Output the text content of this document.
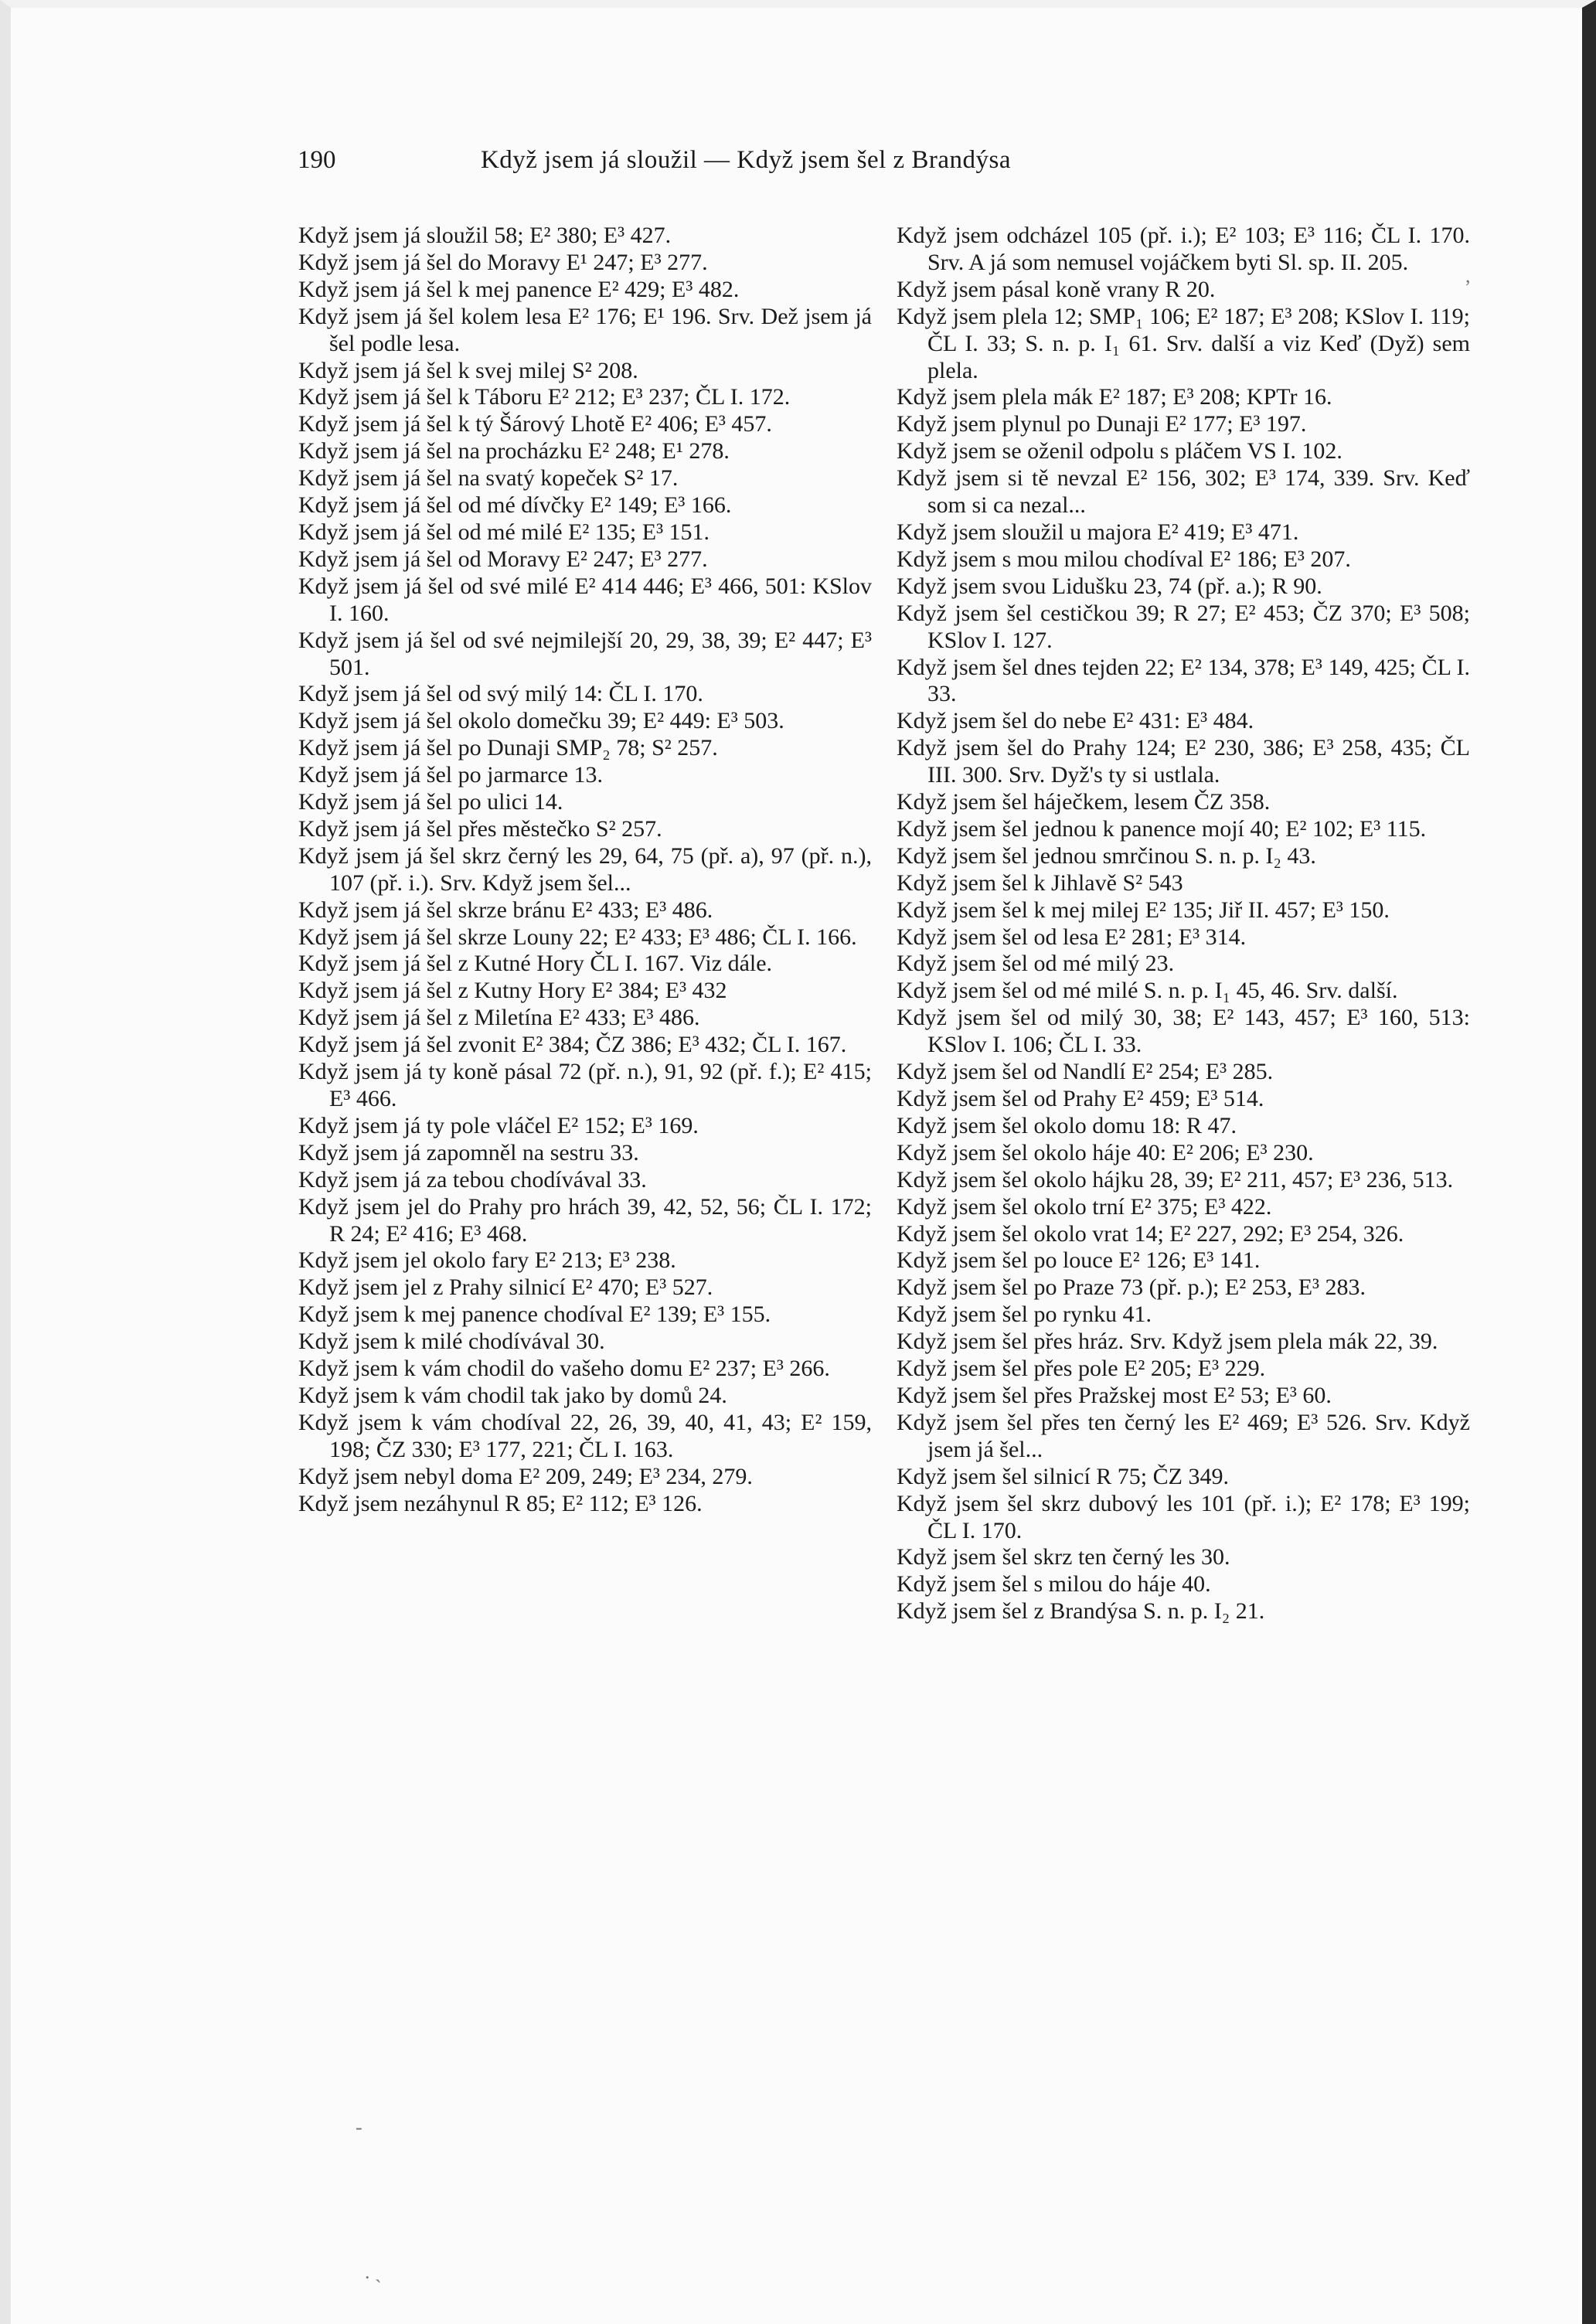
190	Když jsem já sloužil — Když jsem šel z Brandýsa
Když jsem já sloužil 58; E² 380; E³ 427.
Když jsem já šel do Moravy E¹ 247; E³ 277.
Když jsem já šel k mej panence E² 429; E³ 482.
Když jsem já šel kolem lesa E² 176; E¹ 196. Srv. Dež jsem já šel podle lesa.
Když jsem já šel k svej milej S² 208.
Když jsem já šel k Táboru E² 212; E³ 237; ČL I. 172.
Když jsem já šel k tý Šárový Lhotě E² 406; E³ 457.
Když jsem já šel na procházku E² 248; E¹ 278.
Když jsem já šel na svatý kopeček S² 17.
Když jsem já šel od mé dívčky E² 149; E³ 166.
Když jsem já šel od mé milé E² 135; E³ 151.
Když jsem já šel od Moravy E² 247; E³ 277.
Když jsem já šel od své milé E² 414 446; E³ 466, 501: KSlov I. 160.
Když jsem já šel od své nejmilejší 20, 29, 38, 39; E² 447; E³ 501.
Když jsem já šel od svý milý 14: ČL I. 170.
Když jsem já šel okolo domečku 39; E² 449: E³ 503.
Když jsem já šel po Dunaji SMP₂ 78; S² 257.
Když jsem já šel po jarmarce 13.
Když jsem já šel po ulici 14.
Když jsem já šel přes městečko S² 257.
Když jsem já šel skrz černý les 29, 64, 75 (př. a), 97 (př. n.), 107 (př. i.). Srv. Když jsem šel...
Když jsem já šel skrze bránu E² 433; E³ 486.
Když jsem já šel skrze Louny 22; E² 433; E³ 486; ČL I. 166.
Když jsem já šel z Kutné Hory ČL I. 167. Viz dále.
Když jsem já šel z Kutny Hory E² 384; E³ 432
Když jsem já šel z Miletína E² 433; E³ 486.
Když jsem já šel zvonit E² 384; ČZ 386; E³ 432; ČL I. 167.
Když jsem já ty koně pásal 72 (př. n.), 91, 92 (př. f.); E² 415; E³ 466.
Když jsem já ty pole vláčel E² 152; E³ 169.
Když jsem já zapomněl na sestru 33.
Když jsem já za tebou chodívával 33.
Když jsem jel do Prahy pro hrách 39, 42, 52, 56; ČL I. 172; R 24; E² 416; E³ 468.
Když jsem jel okolo fary E² 213; E³ 238.
Když jsem jel z Prahy silnicí E² 470; E³ 527.
Když jsem k mej panence chodíval E² 139; E³ 155.
Když jsem k milé chodívával 30.
Když jsem k vám chodil do vašeho domu E² 237; E³ 266.
Když jsem k vám chodil tak jako by domů 24.
Když jsem k vám chodíval 22, 26, 39, 40, 41, 43; E² 159, 198; ČZ 330; E³ 177, 221; ČL I. 163.
Když jsem nebyl doma E² 209, 249; E³ 234, 279.
Když jsem nezáhynul R 85; E² 112; E³ 126.
Když jsem odcházel 105 (př. i.); E² 103; E³ 116; ČL I. 170. Srv. A já som nemusel vojáčkem byti Sl. sp. II. 205.
Když jsem pásal koně vrany R 20.
Když jsem plela 12; SMP₁ 106; E² 187; E³ 208; KSlov I. 119; ČL I. 33; S. n. p. I₁ 61. Srv. další a viz Keď (Dyž) sem plela.
Když jsem plela mák E² 187; E³ 208; KPTr 16.
Když jsem plynul po Dunaji E² 177; E³ 197.
Když jsem se oženil odpolu s pláčem VS I. 102.
Když jsem si tě nevzal E² 156, 302; E³ 174, 339. Srv. Keď som si ca nezal...
Když jsem sloužil u majora E² 419; E³ 471.
Když jsem s mou milou chodíval E² 186; E³ 207.
Když jsem svou Lidušku 23, 74 (př. a.); R 90.
Když jsem šel cestičkou 39; R 27; E² 453; ČZ 370; E³ 508; KSlov I. 127.
Když jsem šel dnes tejden 22; E² 134, 378; E³ 149, 425; ČL I. 33.
Když jsem šel do nebe E² 431: E³ 484.
Když jsem šel do Prahy 124; E² 230, 386; E³ 258, 435; ČL III. 300. Srv. Dyž's ty si ustlala.
Když jsem šel háječkem, lesem ČZ 358.
Když jsem šel jednou k panence mojí 40; E² 102; E³ 115.
Když jsem šel jednou smrčinou S. n. p. I₂ 43.
Když jsem šel k Jihlavě S² 543
Když jsem šel k mej milej E² 135; Jiř II. 457; E³ 150.
Když jsem šel od lesa E² 281; E³ 314.
Když jsem šel od mé milý 23.
Když jsem šel od mé milé S. n. p. I₁ 45, 46. Srv. další.
Když jsem šel od milý 30, 38; E² 143, 457; E³ 160, 513: KSlov I. 106; ČL I. 33.
Když jsem šel od Nandlí E² 254; E³ 285.
Když jsem šel od Prahy E² 459; E³ 514.
Když jsem šel okolo domu 18: R 47.
Když jsem šel okolo háje 40: E² 206; E³ 230.
Když jsem šel okolo hájku 28, 39; E² 211, 457; E³ 236, 513.
Když jsem šel okolo trní E² 375; E³ 422.
Když jsem šel okolo vrat 14; E² 227, 292; E³ 254, 326.
Když jsem šel po louce E² 126; E³ 141.
Když jsem šel po Praze 73 (př. p.); E² 253, E³ 283.
Když jsem šel po rynku 41.
Když jsem šel přes hráz. Srv. Když jsem plela mák 22, 39.
Když jsem šel přes pole E² 205; E³ 229.
Když jsem šel přes Pražskej most E² 53; E³ 60.
Když jsem šel přes ten černý les E² 469; E³ 526. Srv. Když jsem já šel...
Když jsem šel silnicí R 75; ČZ 349.
Když jsem šel skrz dubový les 101 (př. i.); E² 178; E³ 199; ČL I. 170.
Když jsem šel skrz ten černý les 30.
Když jsem šel s milou do háje 40.
Když jsem šel z Brandýsa S. n. p. I₂ 21.
,
-
. ˎ
